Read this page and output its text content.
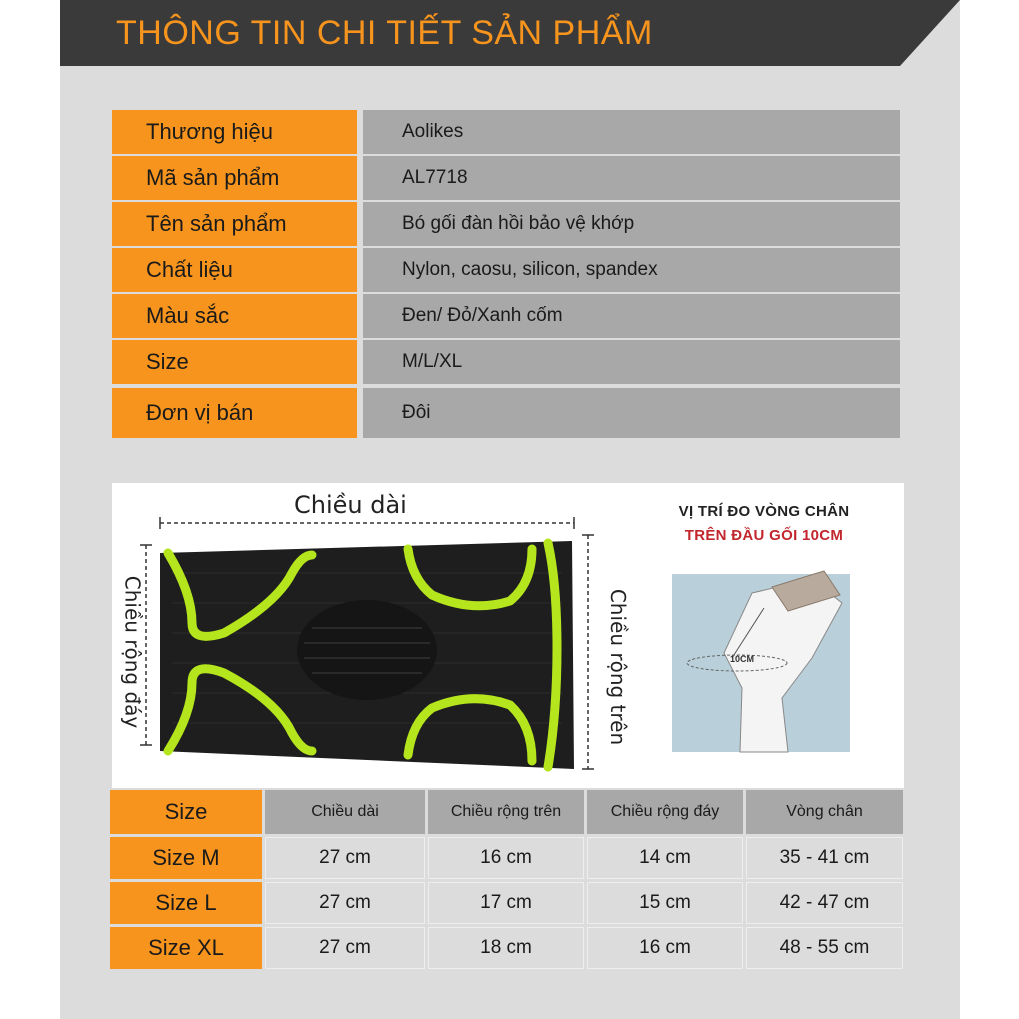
THÔNG TIN CHI TIẾT SẢN PHẨM
Thương hiệu	Aolikes
Mã sản phẩm	AL7718
Tên sản phẩm	Bó gối đàn hồi bảo vệ khớp
Chất liệu	Nylon, caosu, silicon, spandex
Màu sắc	Đen/ Đỏ/Xanh cốm
Size	M/L/XL
Đơn vị bán	Đôi
Chiều dài
Chiều rộng đáy	Chiều rộng trên
VỊ TRÍ ĐO VÒNG CHÂN
TRÊN ĐẦU GỐI 10CM
10CM
Size	Chiều dài	Chiều rộng trên	Chiều rộng đáy	Vòng chân
Size M	27 cm	16 cm	14 cm	35 - 41 cm
Size L	27 cm	17 cm	15 cm	42 - 47 cm
Size XL	27 cm	18 cm	16 cm	48 - 55 cm
